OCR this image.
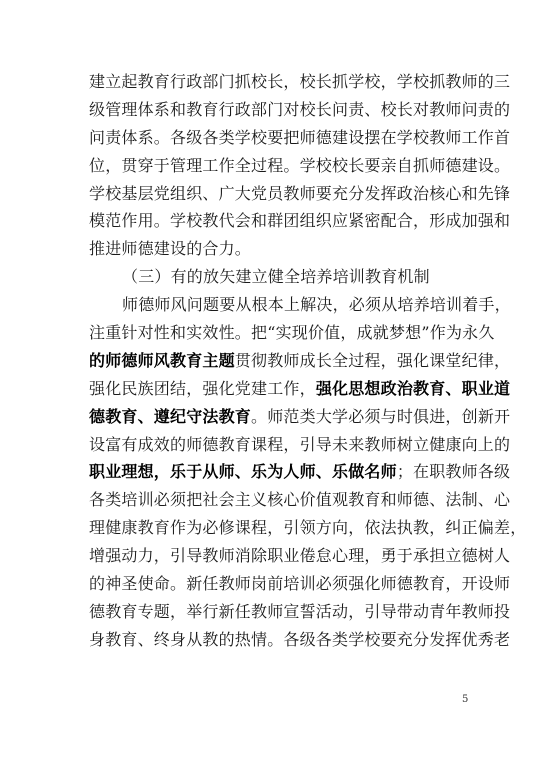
建立起教育行政部门抓校长，校长抓学校，学校抓教师的三
级管理体系和教育行政部门对校长问责、校长对教师问责的
问责体系。各级各类学校要把师德建设摆在学校教师工作首
位，贯穿于管理工作全过程。学校校长要亲自抓师德建设。
学校基层党组织、广大党员教师要充分发挥政治核心和先锋
模范作用。学校教代会和群团组织应紧密配合，形成加强和
推进师德建设的合力。
（三）有的放矢建立健全培养培训教育机制
师德师风问题要从根本上解决，必须从培养培训着手，
注重针对性和实效性。把“实现价值，成就梦想”作为永久
的师德师风教育主题贯彻教师成长全过程，强化课堂纪律，
强化民族团结，强化党建工作，强化思想政治教育、职业道
德教育、遵纪守法教育。师范类大学必须与时俱进，创新开
设富有成效的师德教育课程，引导未来教师树立健康向上的
职业理想，乐于从师、乐为人师、乐做名师；在职教师各级
各类培训必须把社会主义核心价值观教育和师德、法制、心
理健康教育作为必修课程，引领方向，依法执教，纠正偏差，
增强动力，引导教师消除职业倦怠心理，勇于承担立德树人
的神圣使命。新任教师岗前培训必须强化师德教育，开设师
德教育专题，举行新任教师宣誓活动，引导带动青年教师投
身教育、终身从教的热情。各级各类学校要充分发挥优秀老
5
